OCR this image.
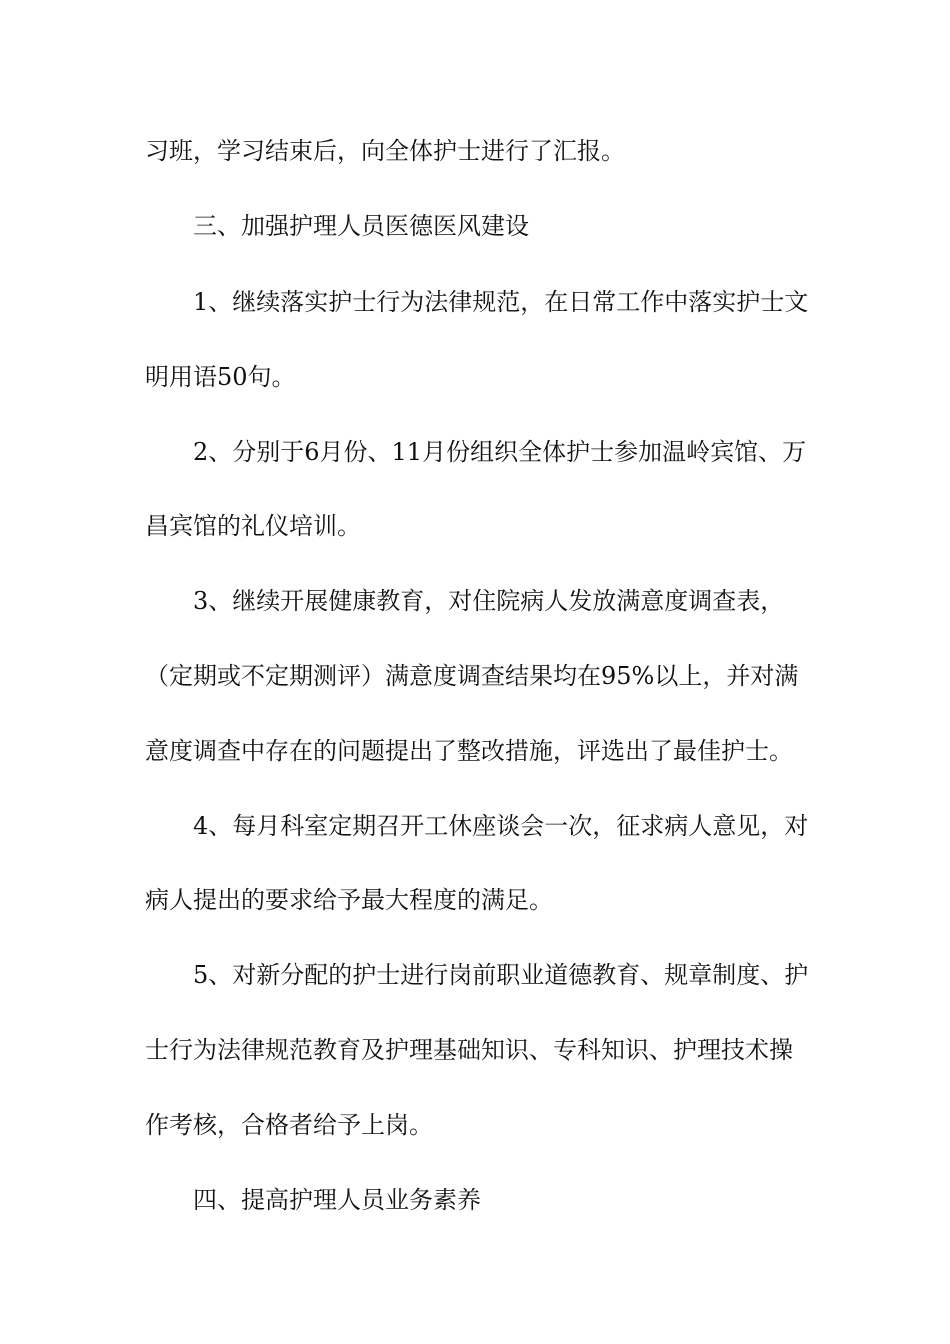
习班，学习结束后，向全体护士进行了汇报。
　　三、加强护理人员医德医风建设
　　1、继续落实护士行为法律规范，在日常工作中落实护士文
明用语50句。
　　2、分别于6月份、11月份组织全体护士参加温岭宾馆、万
昌宾馆的礼仪培训。
　　3、继续开展健康教育，对住院病人发放满意度调查表，
（定期或不定期测评）满意度调查结果均在95%以上，并对满
意度调查中存在的问题提出了整改措施，评选出了最佳护士。
　　4、每月科室定期召开工休座谈会一次，征求病人意见，对
病人提出的要求给予最大程度的满足。
　　5、对新分配的护士进行岗前职业道德教育、规章制度、护
士行为法律规范教育及护理基础知识、专科知识、护理技术操
作考核，合格者给予上岗。
　　四、提高护理人员业务素养
